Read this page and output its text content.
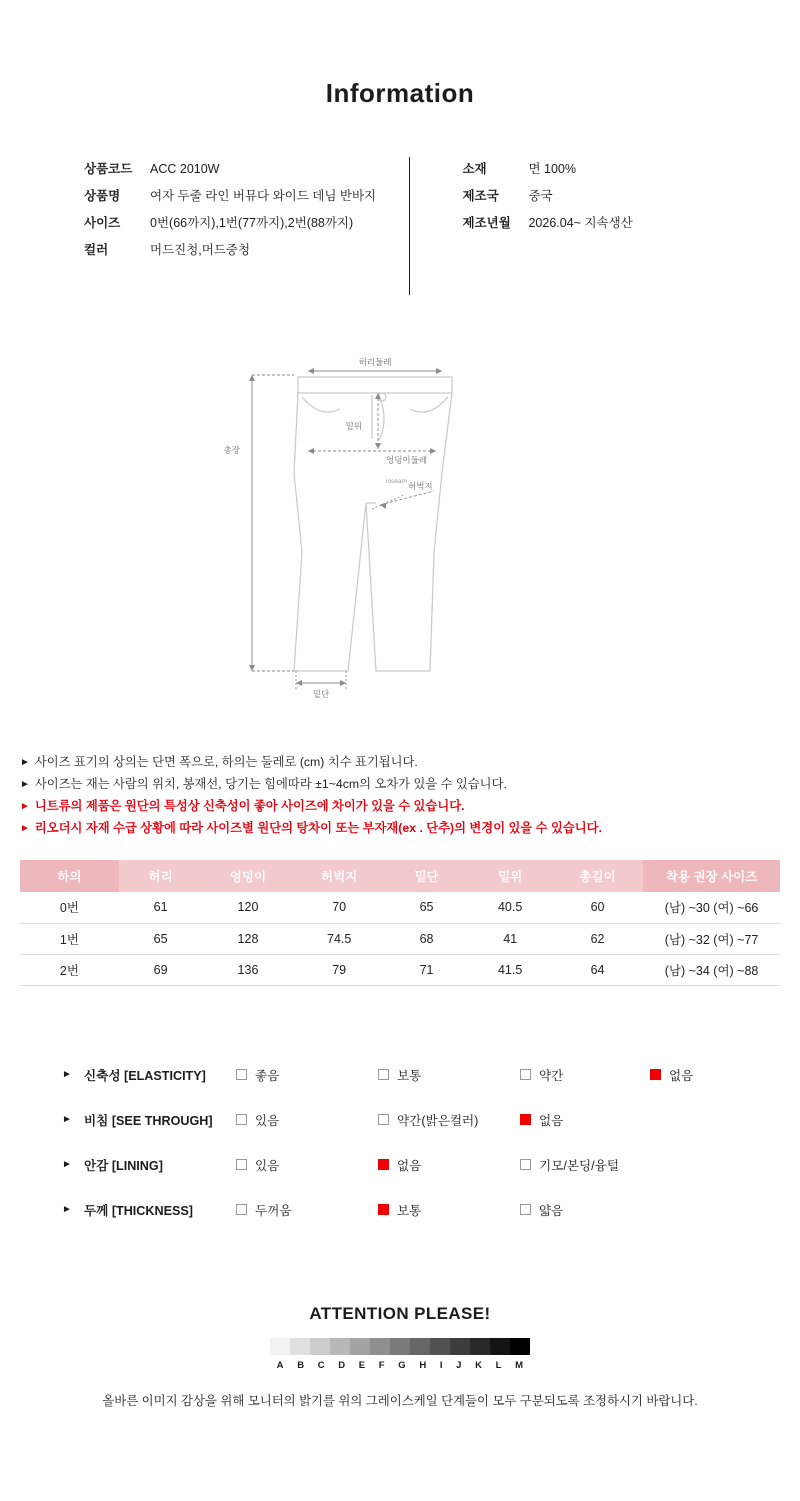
Information
상품코드	ACC 2010W
상품명	여자 두줄 라인 버뮤다 와이드 데님 반바지
사이즈	0번(66까지),1번(77까지),2번(88까지)
컬러	머드진청,머드중청
소재	면 100%
제조국	중국
제조년월	2026.04~ 지속생산
허리둘레
밑위
엉덩이둘레
허벅지
inseam
총장
밑단
► 사이즈 표기의 상의는 단면 폭으로, 하의는 둘레로 (cm) 치수 표기됩니다.
► 사이즈는 재는 사람의 위치, 봉재선, 당기는 힘에따라 ±1~4cm의 오차가 있을 수 있습니다.
► 니트류의 제품은 원단의 특성상 신축성이 좋아 사이즈에 차이가 있을 수 있습니다.
► 리오더시 자재 수급 상황에 따라 사이즈별 원단의 탕차이 또는 부자재(ex . 단추)의 변경이 있을 수 있습니다.
하의	허리	엉덩이	허벅지	밑단	밑위	총길이	착용 권장 사이즈
0번	61	120	70	65	40.5	60	(남) ~30 (여) ~66
1번	65	128	74.5	68	41	62	(남) ~32 (여) ~77
2번	69	136	79	71	41.5	64	(남) ~34 (여) ~88
► 신축성 [ELASTICITY]	좋음	보통	약간	없음
► 비침 [SEE THROUGH]	있음	약간(밝은컬러)	없음
► 안감 [LINING]	있음	없음	기모/본딩/융털
► 두께 [THICKNESS]	두꺼움	보통	얇음
ATTENTION PLEASE!
A	B	C	D	E	F	G	H	I	J	K	L	M
올바른 이미지 감상을 위해 모니터의 밝기를 위의 그레이스케일 단계들이 모두 구분되도록 조정하시기 바랍니다.
